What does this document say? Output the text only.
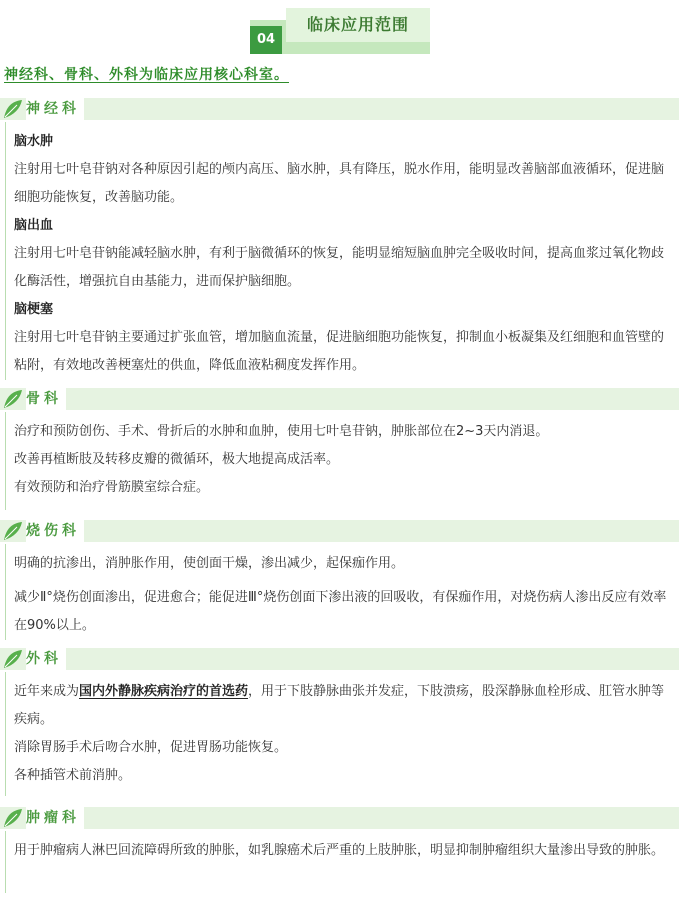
04
临床应用范围
神经科、骨科、外科为临床应用核心科室。
神经科

脑水肿

注射用七叶皂苷钠对各种原因引起的颅内高压、脑水肿，具有降压，脱水作用，能明显改善脑部血液循环，促进脑细胞功能恢复，改善脑功能。

脑出血

注射用七叶皂苷钠能减轻脑水肿，有利于脑微循环的恢复，能明显缩短脑血肿完全吸收时间，提高血浆过氧化物歧化酶活性，增强抗自由基能力，进而保护脑细胞。

脑梗塞

注射用七叶皂苷钠主要通过扩张血管，增加脑血流量，促进脑细胞功能恢复，抑制血小板凝集及红细胞和血管壁的粘附，有效地改善梗塞灶的供血，降低血液粘稠度发挥作用。

骨科

治疗和预防创伤、手术、骨折后的水肿和血肿，使用七叶皂苷钠，肿胀部位在2~3天内消退。

改善再植断肢及转移皮瓣的微循环，极大地提高成活率。

有效预防和治疗骨筋膜室综合症。

烧伤科

明确的抗渗出，消肿胀作用，使创面干燥，渗出减少，起保痂作用。

减少Ⅱ°烧伤创面渗出，促进愈合；能促进Ⅲ°烧伤创面下渗出液的回吸收，有保痂作用，对烧伤病人渗出反应有效率在90%以上。

外科

近年来成为国内外静脉疾病治疗的首选药，用于下肢静脉曲张并发症，下肢溃疡，股深静脉血栓形成、肛管水肿等疾病。

消除胃肠手术后吻合水肿，促进胃肠功能恢复。

各种插管术前消肿。

肿瘤科

用于肿瘤病人淋巴回流障碍所致的肿胀，如乳腺癌术后严重的上肢肿胀，明显抑制肿瘤组织大量渗出导致的肿胀。
